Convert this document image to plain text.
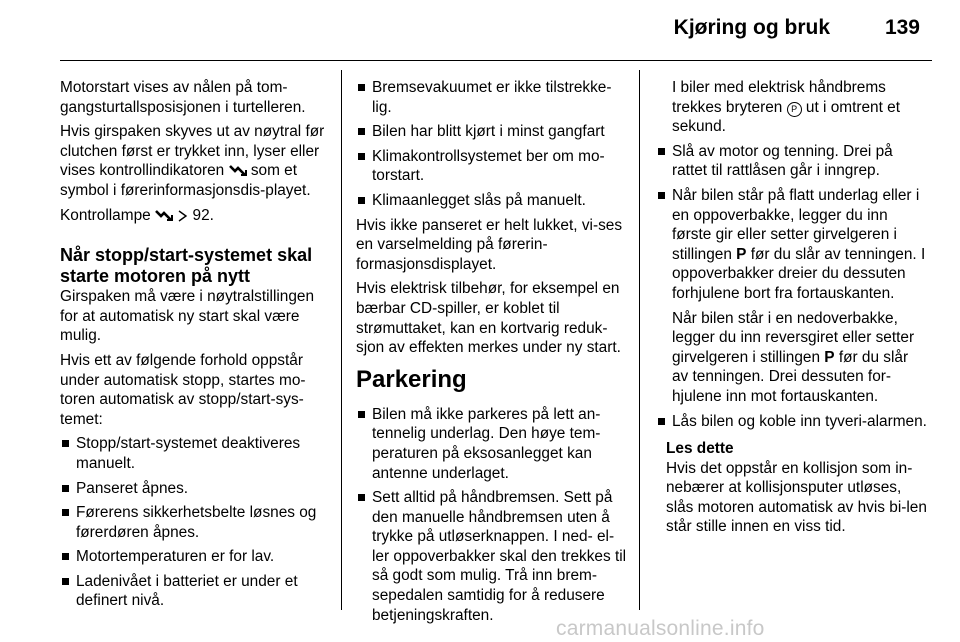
Kjøring og bruk	139

Motorstart vises av nålen på tom-gangsturtallsposisjonen i turtelleren.

Hvis girspaken skyves ut av nøytral før clutchen først er trykket inn, lyser eller vises kontrollindikatoren som et symbol i førerinformasjonsdis-playet.

Kontrollampe	92.

Når stopp/start-systemet skal starte motoren på nytt

Girspaken må være i nøytralstillingen for at automatisk ny start skal være mulig.

Hvis ett av følgende forhold oppstår under automatisk stopp, startes mo-toren automatisk av stopp/start-sys-temet:

Stopp/start-systemet deaktiveres manuelt.
Panseret åpnes.
Førerens sikkerhetsbelte løsnes og førerdøren åpnes.
Motortemperaturen er for lav.
Ladenivået i batteriet er under et definert nivå.
Bremsevakuumet er ikke tilstrekke-lig.
Bilen har blitt kjørt i minst gangfart
Klimakontrollsystemet ber om mo-torstart.
Klimaanlegget slås på manuelt.

Hvis ikke panseret er helt lukket, vi-ses en varselmelding på førerin-formasjonsdisplayet.

Hvis elektrisk tilbehør, for eksempel en bærbar CD-spiller, er koblet til strømuttaket, kan en kortvarig reduk-sjon av effekten merkes under ny start.

Parkering
Bilen må ikke parkeres på lett an-tennelig underlag. Den høye tem-peraturen på eksosanlegget kan antenne underlaget.
Sett alltid på håndbremsen. Sett på den manuelle håndbremsen uten å trykke på utløserknappen. I ned- el-ler oppoverbakker skal den trekkes til så godt som mulig. Trå inn brem-sepedalen samtidig for å redusere betjeningskraften.

I biler med elektrisk håndbrems trekkes bryteren P ut i omtrent et sekund.

Slå av motor og tenning. Drei på rattet til rattlåsen går i inngrep.
Når bilen står på flatt underlag eller i en oppoverbakke, legger du inn første gir eller setter girvelgeren i stillingen P før du slår av tenningen. I oppoverbakker dreier du dessuten forhjulene bort fra fortauskanten.
Når bilen står i en nedoverbakke, legger du inn reversgiret eller setter girvelgeren i stillingen P før du slår av tenningen. Drei dessuten for-hjulene inn mot fortauskanten.
Lås bilen og koble inn tyveri-alarmen.
Les dette
Hvis det oppstår en kollisjon som in-nebærer at kollisjonsputer utløses, slås motoren automatisk av hvis bi-len står stille innen en viss tid.
carmanualsonline.info
